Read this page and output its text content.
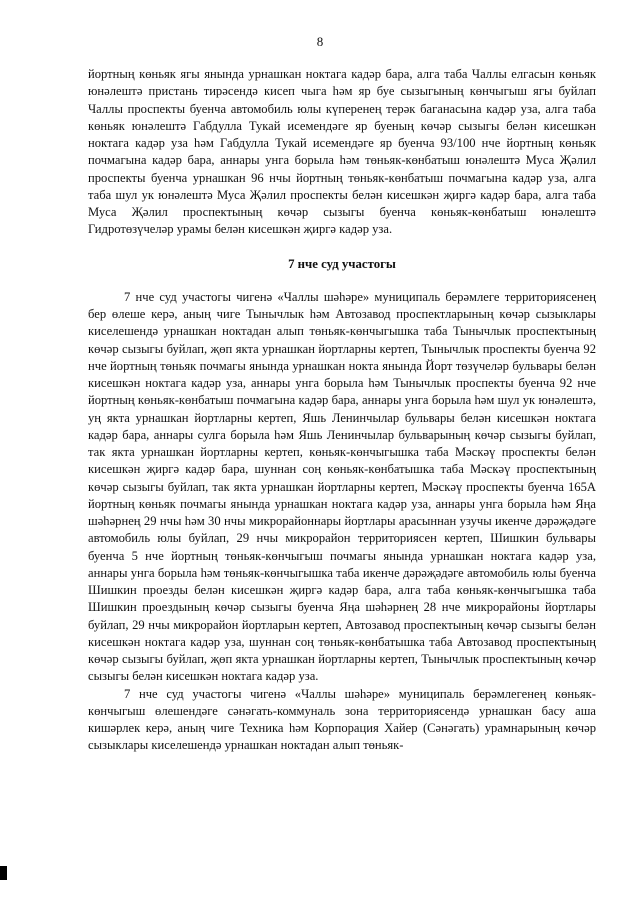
8

йортның көньяк ягы янында урнашкан ноктага кадәр бара, алга таба Чаллы елгасын көньяк юнәлештә пристань тирәсендә кисеп чыга һәм яр буе сызыгының көнчыгыш ягы буйлап Чаллы проспекты буенча автомобиль юлы күперенең терәк баганасына кадәр уза, алга таба көньяк юнәлештә Габдулла Тукай исемендәге яр буеның көчәр сызыгы белән кисешкән ноктага кадәр уза һәм Габдулла Тукай исемендәге яр буенча 93/100 нче йортның көньяк почмагына кадәр бара, аннары унга борыла һәм төньяк-көнбатыш юнәлештә Муса Җәлил проспекты буенча урнашкан 96 нчы йортның төньяк-көнбатыш почмагына кадәр уза, алга таба шул ук юнәлештә Муса Җәлил проспекты белән кисешкән җиргә кадәр бара, алга таба Муса Җәлил проспектының көчәр сызыгы буенча көньяк-көнбатыш юнәлештә Гидротөзүчеләр урамы белән кисешкән җиргә кадәр уза.

7 нче суд участогы

7 нче суд участогы чигенә «Чаллы шәһәре» муниципаль берәмлеге территориясенең бер өлеше керә, аның чиге Тынычлык һәм Автозавод проспектларының көчәр сызыклары киселешендә урнашкан ноктадан алып төньяк-көнчыгышка таба Тынычлык проспектының көчәр сызыгы буйлап, җөп якта урнашкан йортларны кертеп, Тынычлык проспекты буенча 92 нче йортның төньяк почмагы янында урнашкан нокта янында Йорт төзүчеләр бульвары белән кисешкән ноктага кадәр уза, аннары унга борыла һәм Тынычлык проспекты буенча 92 нче йортның көньяк-көнбатыш почмагына кадәр бара, аннары унга борыла һәм шул ук юнәлештә, уң якта урнашкан йортларны кертеп, Яшь Ленинчылар бульвары белән кисешкән ноктага кадәр бара, аннары сулга борыла һәм Яшь Ленинчылар бульварының көчәр сызыгы буйлап, так якта урнашкан йортларны кертеп, көньяк-көнчыгышка таба Мәскәү проспекты белән кисешкән җиргә кадәр бара, шуннан соң көньяк-көнбатышка таба Мәскәү проспектының көчәр сызыгы буйлап, так якта урнашкан йортларны кертеп, Мәскәү проспекты буенча 165А йортның көньяк почмагы янында урнашкан ноктага кадәр уза, аннары унга борыла һәм Яңа шәһәрнең 29 нчы һәм 30 нчы микрорайоннары йортлары арасыннан узучы икенче дәрәҗәдәге автомобиль юлы буйлап, 29 нчы микрорайон территориясен кертеп, Шишкин бульвары буенча 5 нче йортның төньяк-көнчыгыш почмагы янында урнашкан ноктага кадәр уза, аннары унга борыла һәм төньяк-көнчыгышка таба икенче дәрәҗәдәге автомобиль юлы буенча Шишкин проезды белән кисешкән җиргә кадәр бара, алга таба көньяк-көнчыгышка таба Шишкин проездының көчәр сызыгы буенча Яңа шәһәрнең 28 нче микрорайоны йортлары буйлап, 29 нчы микрорайон йортларын кертеп, Автозавод проспектының көчәр сызыгы белән кисешкән ноктага кадәр уза, шуннан соң төньяк-көнбатышка таба Автозавод проспектының көчәр сызыгы буйлап, җөп якта урнашкан йортларны кертеп, Тынычлык проспектының көчәр сызыгы белән кисешкән ноктага кадәр уза.

7 нче суд участогы чигенә «Чаллы шәһәре» муниципаль берәмлегенең көньяк-көнчыгыш өлешендәге сәнәгать-коммуналь зона территориясендә урнашкан басу аша кишәрлек керә, аның чиге Техника һәм Корпорация Хайер (Сәнәгать) урамнарының көчәр сызыклары киселешендә урнашкан ноктадан алып төньяк-
